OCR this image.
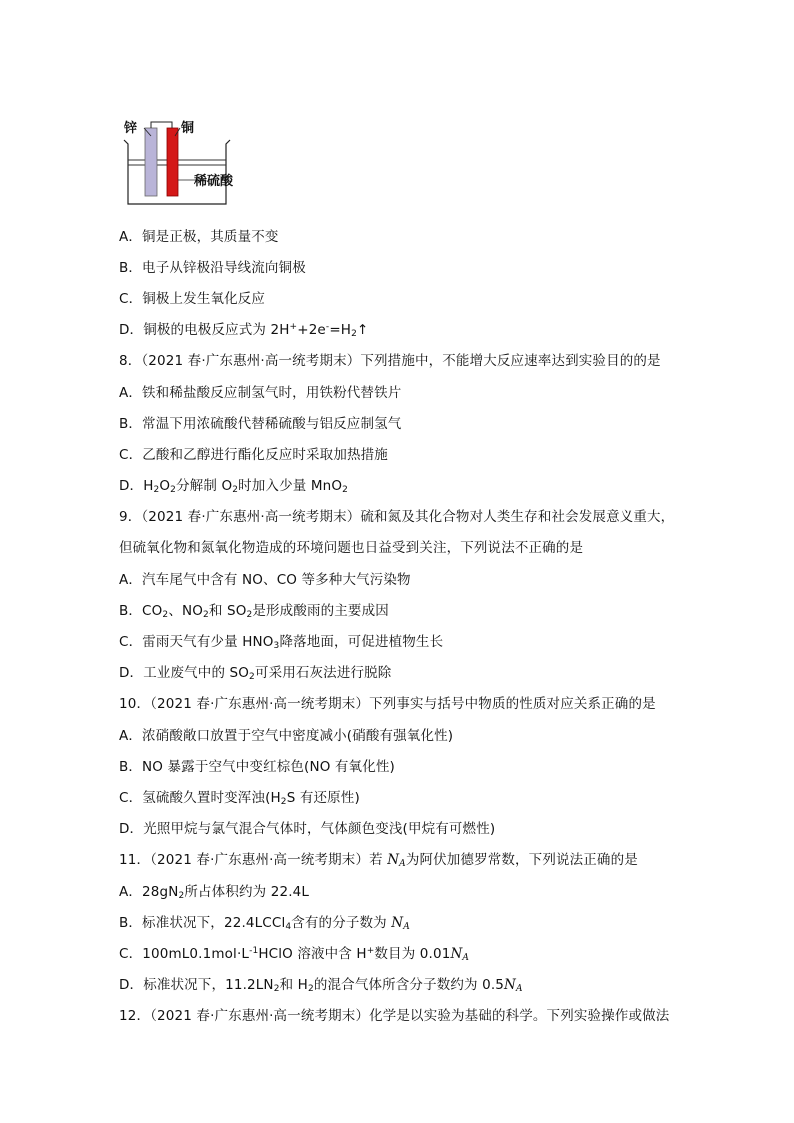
锌	铜
稀硫酸
A．铜是正极，其质量不变
B．电子从锌极沿导线流向铜极
C．铜极上发生氧化反应
D．铜极的电极反应式为 $2H^++2e^-=H_2↑$
8．（2021 春·广东惠州·高一统考期末）下列措施中，不能增大反应速率达到实验目的的是
A．铁和稀盐酸反应制氢气时，用铁粉代替铁片
B．常温下用浓硫酸代替稀硫酸与铝反应制氢气
C．乙酸和乙醇进行酯化反应时采取加热措施
D．$H_2O_2$分解制 $O_2$时加入少量 MnO$_2$
9．（2021 春·广东惠州·高一统考期末）硫和氮及其化合物对人类生存和社会发展意义重大，
但硫氧化物和氮氧化物造成的环境问题也日益受到关注，下列说法不正确的是
A．汽车尾气中含有 NO、CO 等多种大气污染物
B．$CO_2$、$NO_2$和 $SO_2$是形成酸雨的主要成因
C．雷雨天气有少量 $HNO_3$降落地面，可促进植物生长
D．工业废气中的 $SO_2$可采用石灰法进行脱除
10．（2021 春·广东惠州·高一统考期末）下列事实与括号中物质的性质对应关系正确的是
A．浓硝酸敞口放置于空气中密度减小(硝酸有强氧化性)
B．NO 暴露于空气中变红棕色(NO 有氧化性)
C．氢硫酸久置时变浑浊($H_2S$ 有还原性)
D．光照甲烷与氯气混合气体时，气体颜色变浅(甲烷有可燃性)
11．（2021 春·广东惠州·高一统考期末）若 $N_A$为阿伏加德罗常数，下列说法正确的是
A．$28gN_2$所占体积约为 22.4L
B．标准状况下，22.4LCCl$_4$含有的分子数为 $N_A$
C．$100mL0.1mol\cdot L^{-1}HClO$ 溶液中含 H+数目为 $0.01N_A$
D．标准状况下，$11.2LN_2$和 $H_2$的混合气体所含分子数约为 $0.5N_A$
12．（2021 春·广东惠州·高一统考期末）化学是以实验为基础的科学。下列实验操作或做法
